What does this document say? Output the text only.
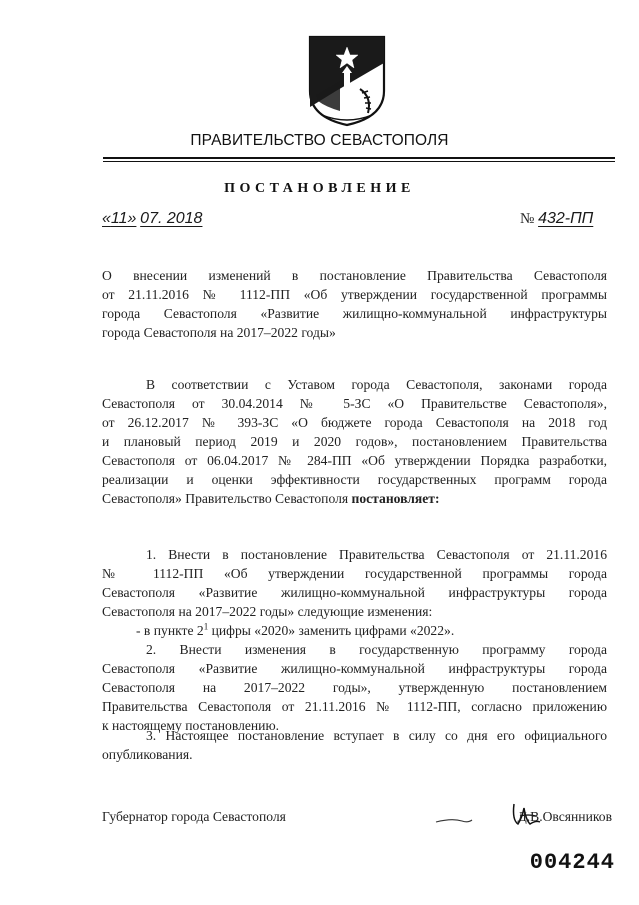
ПРАВИТЕЛЬСТВО СЕВАСТОПОЛЯ
ПОСТАНОВЛЕНИЕ
«11» 07. 2018	№ 432-ПП
О внесении изменений в постановление Правительства Севастополя
от 21.11.2016 № 1112-ПП «Об утверждении государственной программы
города Севастополя «Развитие жилищно-коммунальной инфраструктуры
города Севастополя на 2017–2022 годы»
В соответствии с Уставом города Севастополя, законами города
Севастополя от 30.04.2014 № 5-ЗС «О Правительстве Севастополя»,
от 26.12.2017 № 393-ЗС «О бюджете города Севастополя на 2018 год
и плановый период 2019 и 2020 годов», постановлением Правительства
Севастополя от 06.04.2017 № 284-ПП «Об утверждении Порядка разработки,
реализации и оценки эффективности государственных программ города
Севастополя» Правительство Севастополя постановляет:
1. Внести в постановление Правительства Севастополя от 21.11.2016
№ 1112-ПП «Об утверждении государственной программы города
Севастополя «Развитие жилищно-коммунальной инфраструктуры города
Севастополя на 2017–2022 годы» следующие изменения:
- в пункте $2^1$ цифры «2020» заменить цифрами «2022».
2. Внести изменения в государственную программу города
Севастополя «Развитие жилищно-коммунальной инфраструктуры города
Севастополя на 2017–2022 годы», утвержденную постановлением
Правительства Севастополя от 21.11.2016 № 1112-ПП, согласно приложению
к настоящему постановлению.
3. Настоящее постановление вступает в силу со дня его официального
опубликования.
Губернатор города Севастополя	Д.В.Овсянников
004244
